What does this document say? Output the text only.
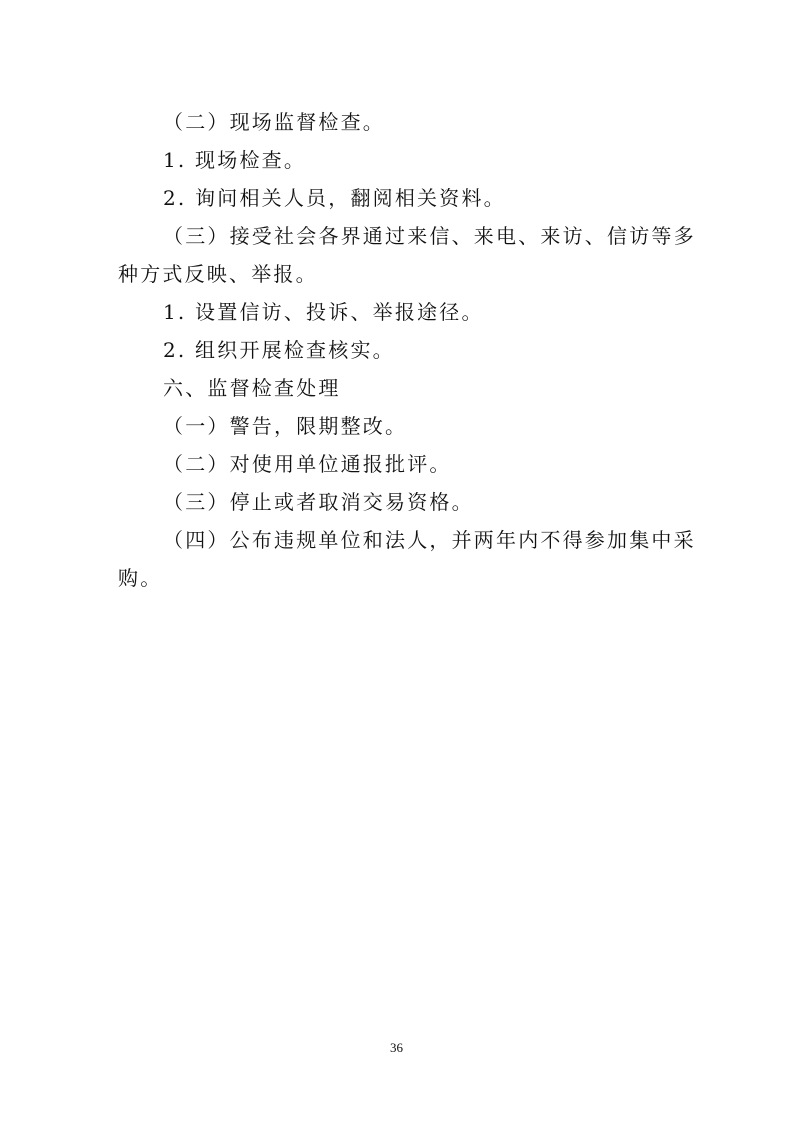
（二）现场监督检查。

1. 现场检查。

2. 询问相关人员，翻阅相关资料。

（三）接受社会各界通过来信、来电、来访、信访等多种方式反映、举报。

1. 设置信访、投诉、举报途径。

2. 组织开展检查核实。

六、监督检查处理

（一）警告，限期整改。

（二）对使用单位通报批评。

（三）停止或者取消交易资格。

（四）公布违规单位和法人，并两年内不得参加集中采购。

36
